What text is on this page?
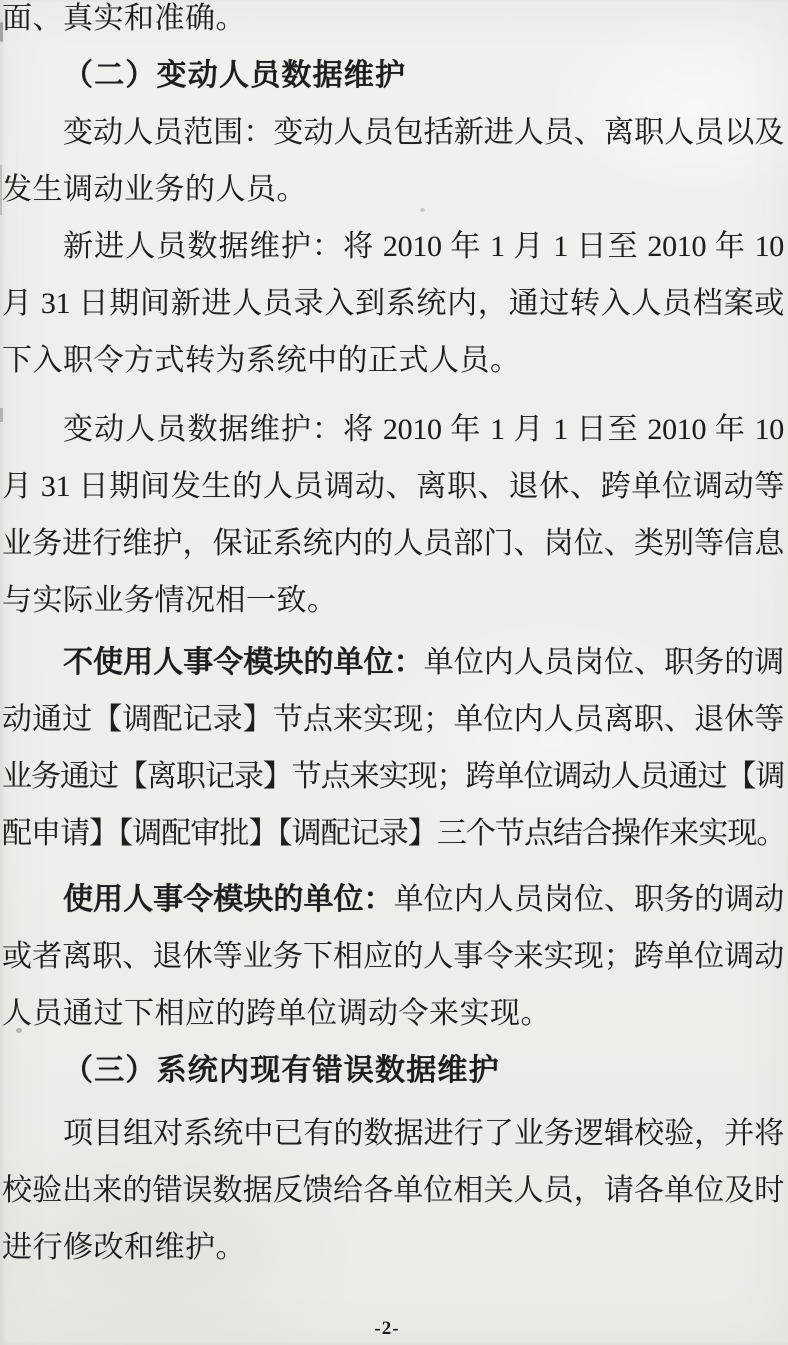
面、真实和准确。
（二）变动人员数据维护
变动人员范围：变动人员包括新进人员、离职人员以及
发生调动业务的人员。
新进人员数据维护：将 2010 年 1 月 1 日至 2010 年 10
月 31 日期间新进人员录入到系统内，通过转入人员档案或
下入职令方式转为系统中的正式人员。
变动人员数据维护：将 2010 年 1 月 1 日至 2010 年 10
月 31 日期间发生的人员调动、离职、退休、跨单位调动等
业务进行维护，保证系统内的人员部门、岗位、类别等信息
与实际业务情况相一致。
不使用人事令模块的单位：单位内人员岗位、职务的调
动通过【调配记录】节点来实现；单位内人员离职、退休等
业务通过【离职记录】节点来实现；跨单位调动人员通过【调
配申请】【调配审批】【调配记录】三个节点结合操作来实现。
使用人事令模块的单位：单位内人员岗位、职务的调动
或者离职、退休等业务下相应的人事令来实现；跨单位调动
人员通过下相应的跨单位调动令来实现。
（三）系统内现有错误数据维护
项目组对系统中已有的数据进行了业务逻辑校验，并将
校验出来的错误数据反馈给各单位相关人员，请各单位及时
进行修改和维护。
-2-
